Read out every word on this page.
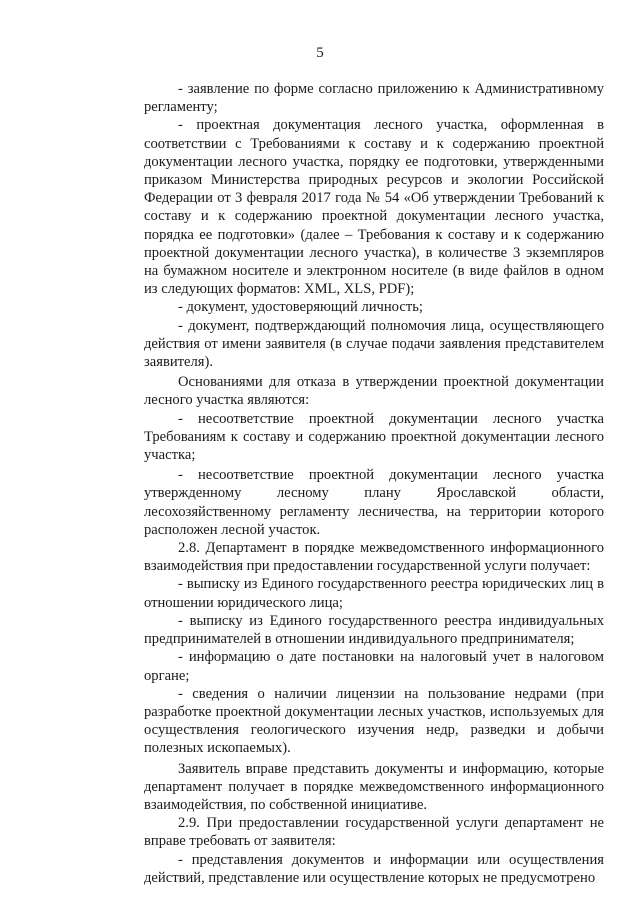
5

- заявление по форме согласно приложению к Административному регламенту;

- проектная документация лесного участка, оформленная в соответствии с Требованиями к составу и к содержанию проектной документации лесного участка, порядку ее подготовки, утвержденными приказом Министерства природных ресурсов и экологии Российской Федерации от 3 февраля 2017 года № 54 «Об утверждении Требований к составу и к содержанию проектной документации лесного участка, порядка ее подготовки» (далее – Требования к составу и к содержанию проектной документации лесного участка), в количестве 3 экземпляров на бумажном носителе и электронном носителе (в виде файлов в одном из следующих форматов: XML, XLS, PDF);

- документ, удостоверяющий личность;

- документ, подтверждающий полномочия лица, осуществляющего действия от имени заявителя (в случае подачи заявления представителем заявителя).

Основаниями для отказа в утверждении проектной документации лесного участка являются:

- несоответствие проектной документации лесного участка Требованиям к составу и содержанию проектной документации лесного участка;

- несоответствие проектной документации лесного участка утвержденному лесному плану Ярославской области, лесохозяйственному регламенту лесничества, на территории которого расположен лесной участок.

2.8. Департамент в порядке межведомственного информационного взаимодействия при предоставлении государственной услуги получает:

- выписку из Единого государственного реестра юридических лиц в отношении юридического лица;

- выписку из Единого государственного реестра индивидуальных предпринимателей в отношении индивидуального предпринимателя;

- информацию о дате постановки на налоговый учет в налоговом органе;

- сведения о наличии лицензии на пользование недрами (при разработке проектной документации лесных участков, используемых для осуществления геологического изучения недр, разведки и добычи полезных ископаемых).

Заявитель вправе представить документы и информацию, которые департамент получает в порядке межведомственного информационного взаимодействия, по собственной инициативе.

2.9. При предоставлении государственной услуги департамент не вправе требовать от заявителя:

- представления документов и информации или осуществления действий, представление или осуществление которых не предусмотрено
